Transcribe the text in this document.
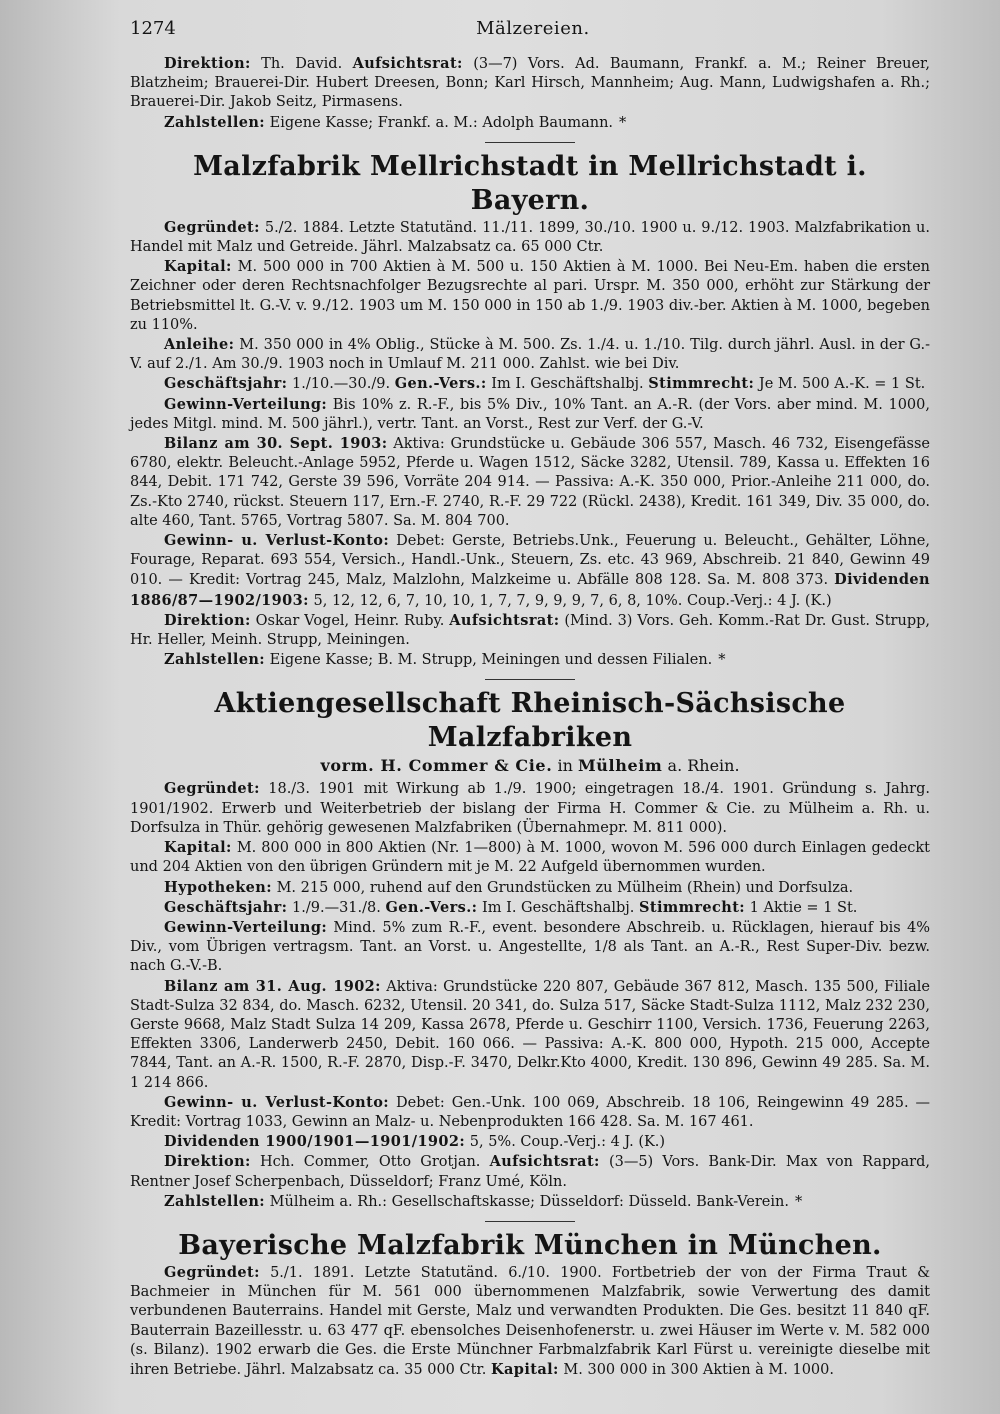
1274	Mälzereien.

Direktion: Th. David. Aufsichtsrat: (3—7) Vors. Ad. Baumann, Frankf. a. M.; Reiner Breuer, Blatzheim; Brauerei-Dir. Hubert Dreesen, Bonn; Karl Hirsch, Mannheim; Aug. Mann, Ludwigshafen a. Rh.; Brauerei-Dir. Jakob Seitz, Pirmasens.

Zahlstellen: Eigene Kasse; Frankf. a. M.: Adolph Baumann. *

Malzfabrik Mellrichstadt in Mellrichstadt i. Bayern.

Gegründet: 5./2. 1884. Letzte Statutänd. 11./11. 1899, 30./10. 1900 u. 9./12. 1903. Malzfabrikation u. Handel mit Malz und Getreide. Jährl. Malzabsatz ca. 65 000 Ctr.

Kapital: M. 500 000 in 700 Aktien à M. 500 u. 150 Aktien à M. 1000. Bei Neu-Em. haben die ersten Zeichner oder deren Rechtsnachfolger Bezugsrechte al pari. Urspr. M. 350 000, erhöht zur Stärkung der Betriebsmittel lt. G.-V. v. 9./12. 1903 um M. 150 000 in 150 ab 1./9. 1903 div.-ber. Aktien à M. 1000, begeben zu 110%.

Anleihe: M. 350 000 in 4% Oblig., Stücke à M. 500. Zs. 1./4. u. 1./10. Tilg. durch jährl. Ausl. in der G.-V. auf 2./1. Am 30./9. 1903 noch in Umlauf M. 211 000. Zahlst. wie bei Div.

Geschäftsjahr: 1./10.—30./9. Gen.-Vers.: Im I. Geschäftshalbj. Stimmrecht: Je M. 500 A.-K. = 1 St.

Gewinn-Verteilung: Bis 10% z. R.-F., bis 5% Div., 10% Tant. an A.-R. (der Vors. aber mind. M. 1000, jedes Mitgl. mind. M. 500 jährl.), vertr. Tant. an Vorst., Rest zur Verf. der G.-V.

Bilanz am 30. Sept. 1903: Aktiva: Grundstücke u. Gebäude 306 557, Masch. 46 732, Eisengefässe 6780, elektr. Beleucht.-Anlage 5952, Pferde u. Wagen 1512, Säcke 3282, Utensil. 789, Kassa u. Effekten 16 844, Debit. 171 742, Gerste 39 596, Vorräte 204 914. — Passiva: A.-K. 350 000, Prior.-Anleihe 211 000, do. Zs.-Kto 2740, rückst. Steuern 117, Ern.-F. 2740, R.-F. 29 722 (Rückl. 2438), Kredit. 161 349, Div. 35 000, do. alte 460, Tant. 5765, Vortrag 5807. Sa. M. 804 700.

Gewinn- u. Verlust-Konto: Debet: Gerste, Betriebs.Unk., Feuerung u. Beleucht., Gehälter, Löhne, Fourage, Reparat. 693 554, Versich., Handl.-Unk., Steuern, Zs. etc. 43 969, Abschreib. 21 840, Gewinn 49 010. — Kredit: Vortrag 245, Malz, Malzlohn, Malzkeime u. Abfälle 808 128. Sa. M. 808 373. Dividenden 1886/87—1902/1903: 5, 12, 12, 6, 7, 10, 10, 1, 7, 7, 9, 9, 9, 7, 6, 8, 10%. Coup.-Verj.: 4 J. (K.)

Direktion: Oskar Vogel, Heinr. Ruby. Aufsichtsrat: (Mind. 3) Vors. Geh. Komm.-Rat Dr. Gust. Strupp, Hr. Heller, Meinh. Strupp, Meiningen.

Zahlstellen: Eigene Kasse; B. M. Strupp, Meiningen und dessen Filialen. *

Aktiengesellschaft Rheinisch-Sächsische Malzfabriken
vorm. H. Commer & Cie. in Mülheim a. Rhein.

Gegründet: 18./3. 1901 mit Wirkung ab 1./9. 1900; eingetragen 18./4. 1901. Gründung s. Jahrg. 1901/1902. Erwerb und Weiterbetrieb der bislang der Firma H. Commer & Cie. zu Mülheim a. Rh. u. Dorfsulza in Thür. gehörig gewesenen Malzfabriken (Übernahmepr. M. 811 000).

Kapital: M. 800 000 in 800 Aktien (Nr. 1—800) à M. 1000, wovon M. 596 000 durch Einlagen gedeckt und 204 Aktien von den übrigen Gründern mit je M. 22 Aufgeld übernommen wurden.

Hypotheken: M. 215 000, ruhend auf den Grundstücken zu Mülheim (Rhein) und Dorfsulza.

Geschäftsjahr: 1./9.—31./8. Gen.-Vers.: Im I. Geschäftshalbj. Stimmrecht: 1 Aktie = 1 St.

Gewinn-Verteilung: Mind. 5% zum R.-F., event. besondere Abschreib. u. Rücklagen, hierauf bis 4% Div., vom Übrigen vertragsm. Tant. an Vorst. u. Angestellte, 1/8 als Tant. an A.-R., Rest Super-Div. bezw. nach G.-V.-B.

Bilanz am 31. Aug. 1902: Aktiva: Grundstücke 220 807, Gebäude 367 812, Masch. 135 500, Filiale Stadt-Sulza 32 834, do. Masch. 6232, Utensil. 20 341, do. Sulza 517, Säcke Stadt-Sulza 1112, Malz 232 230, Gerste 9668, Malz Stadt Sulza 14 209, Kassa 2678, Pferde u. Geschirr 1100, Versich. 1736, Feuerung 2263, Effekten 3306, Landerwerb 2450, Debit. 160 066. — Passiva: A.-K. 800 000, Hypoth. 215 000, Accepte 7844, Tant. an A.-R. 1500, R.-F. 2870, Disp.-F. 3470, Delkr.Kto 4000, Kredit. 130 896, Gewinn 49 285. Sa. M. 1 214 866.

Gewinn- u. Verlust-Konto: Debet: Gen.-Unk. 100 069, Abschreib. 18 106, Reingewinn 49 285. — Kredit: Vortrag 1033, Gewinn an Malz- u. Nebenprodukten 166 428. Sa. M. 167 461.

Dividenden 1900/1901—1901/1902: 5, 5%. Coup.-Verj.: 4 J. (K.)

Direktion: Hch. Commer, Otto Grotjan. Aufsichtsrat: (3—5) Vors. Bank-Dir. Max von Rappard, Rentner Josef Scherpenbach, Düsseldorf; Franz Umé, Köln.

Zahlstellen: Mülheim a. Rh.: Gesellschaftskasse; Düsseldorf: Düsseld. Bank-Verein. *

Bayerische Malzfabrik München in München.

Gegründet: 5./1. 1891. Letzte Statutänd. 6./10. 1900. Fortbetrieb der von der Firma Traut & Bachmeier in München für M. 561 000 übernommenen Malzfabrik, sowie Verwertung des damit verbundenen Bauterrains. Handel mit Gerste, Malz und verwandten Produkten. Die Ges. besitzt 11 840 qF. Bauterrain Bazeillesstr. u. 63 477 qF. ebensolches Deisenhofenerstr. u. zwei Häuser im Werte v. M. 582 000 (s. Bilanz). 1902 erwarb die Ges. die Erste Münchner Farbmalzfabrik Karl Fürst u. vereinigte dieselbe mit ihren Betriebe. Jährl. Malzabsatz ca. 35 000 Ctr. Kapital: M. 300 000 in 300 Aktien à M. 1000.
